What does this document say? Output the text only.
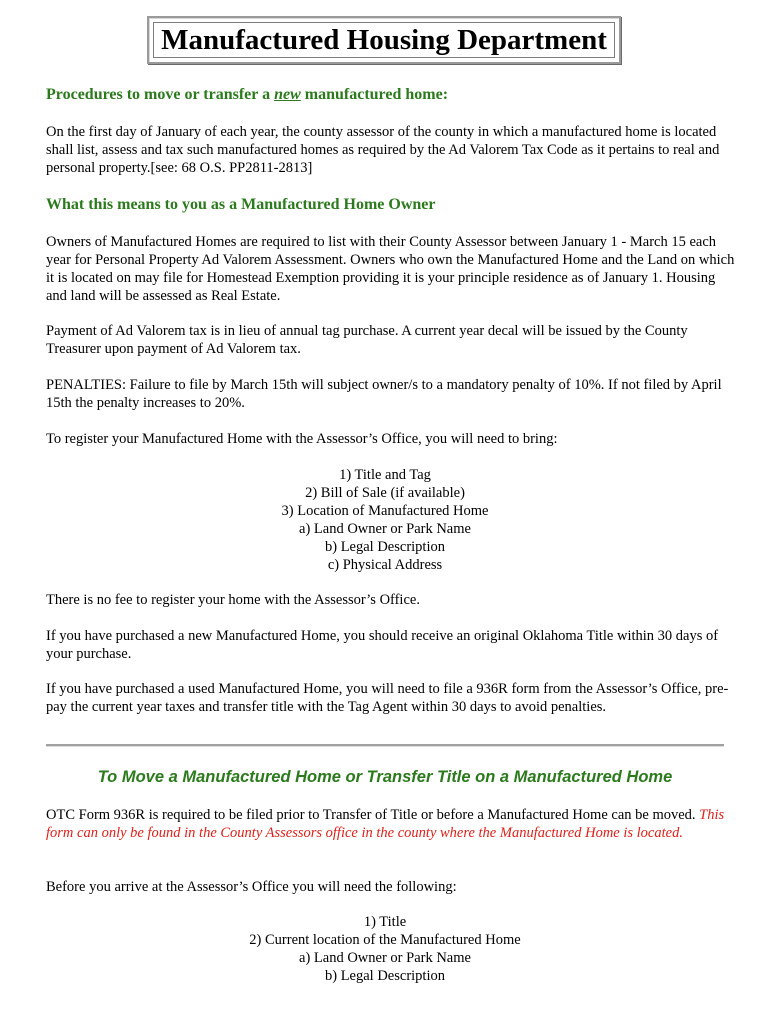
Manufactured Housing Department
Procedures to move or transfer a new manufactured home:

On the first day of January of each year, the county assessor of the county in which a manufactured home is located shall list, assess and tax such manufactured homes as required by the Ad Valorem Tax Code as it pertains to real and personal property.[see: 68 O.S. PP2811-2813]

What this means to you as a Manufactured Home Owner

Owners of Manufactured Homes are required to list with their County Assessor between January 1 - March 15 each year for Personal Property Ad Valorem Assessment. Owners who own the Manufactured Home and the Land on which it is located on may file for Homestead Exemption providing it is your principle residence as of January 1. Housing and land will be assessed as Real Estate.

Payment of Ad Valorem tax is in lieu of annual tag purchase. A current year decal will be issued by the County Treasurer upon payment of Ad Valorem tax.

PENALTIES: Failure to file by March 15th will subject owner/s to a mandatory penalty of 10%. If not filed by April 15th the penalty increases to 20%.

To register your Manufactured Home with the Assessor’s Office, you will need to bring:

1) Title and Tag
2) Bill of Sale (if available)
3) Location of Manufactured Home
a) Land Owner or Park Name
b) Legal Description
c) Physical Address

There is no fee to register your home with the Assessor’s Office.

If you have purchased a new Manufactured Home, you should receive an original Oklahoma Title within 30 days of your purchase.

If you have purchased a used Manufactured Home, you will need to file a 936R form from the Assessor’s Office, pre-pay the current year taxes and transfer title with the Tag Agent within 30 days to avoid penalties.

To Move a Manufactured Home or Transfer Title on a Manufactured Home

OTC Form 936R is required to be filed prior to Transfer of Title or before a Manufactured Home can be moved. This form can only be found in the County Assessors office in the county where the Manufactured Home is located.

Before you arrive at the Assessor’s Office you will need the following:

1) Title
2) Current location of the Manufactured Home
a) Land Owner or Park Name
b) Legal Description
